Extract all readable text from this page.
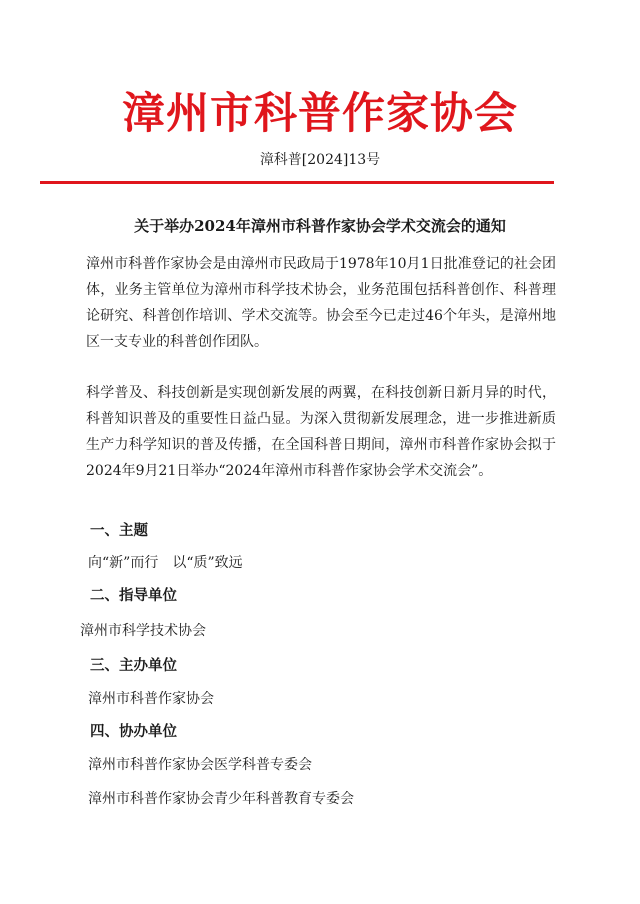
漳州市科普作家协会
漳科普[2024]13号
关于举办2024年漳州市科普作家协会学术交流会的通知
漳州市科普作家协会是由漳州市民政局于1978年10月1日批准登记的社会团体，业务主管单位为漳州市科学技术协会，业务范围包括科普创作、科普理论研究、科普创作培训、学术交流等。协会至今已走过46个年头，是漳州地区一支专业的科普创作团队。
科学普及、科技创新是实现创新发展的两翼，在科技创新日新月异的时代，科普知识普及的重要性日益凸显。为深入贯彻新发展理念，进一步推进新质生产力科学知识的普及传播，在全国科普日期间，漳州市科普作家协会拟于2024年9月21日举办“2024年漳州市科普作家协会学术交流会”。
一、主题
向“新”而行　以“质”致远
二、指导单位
漳州市科学技术协会
三、主办单位
漳州市科普作家协会
四、协办单位
漳州市科普作家协会医学科普专委会
漳州市科普作家协会青少年科普教育专委会
